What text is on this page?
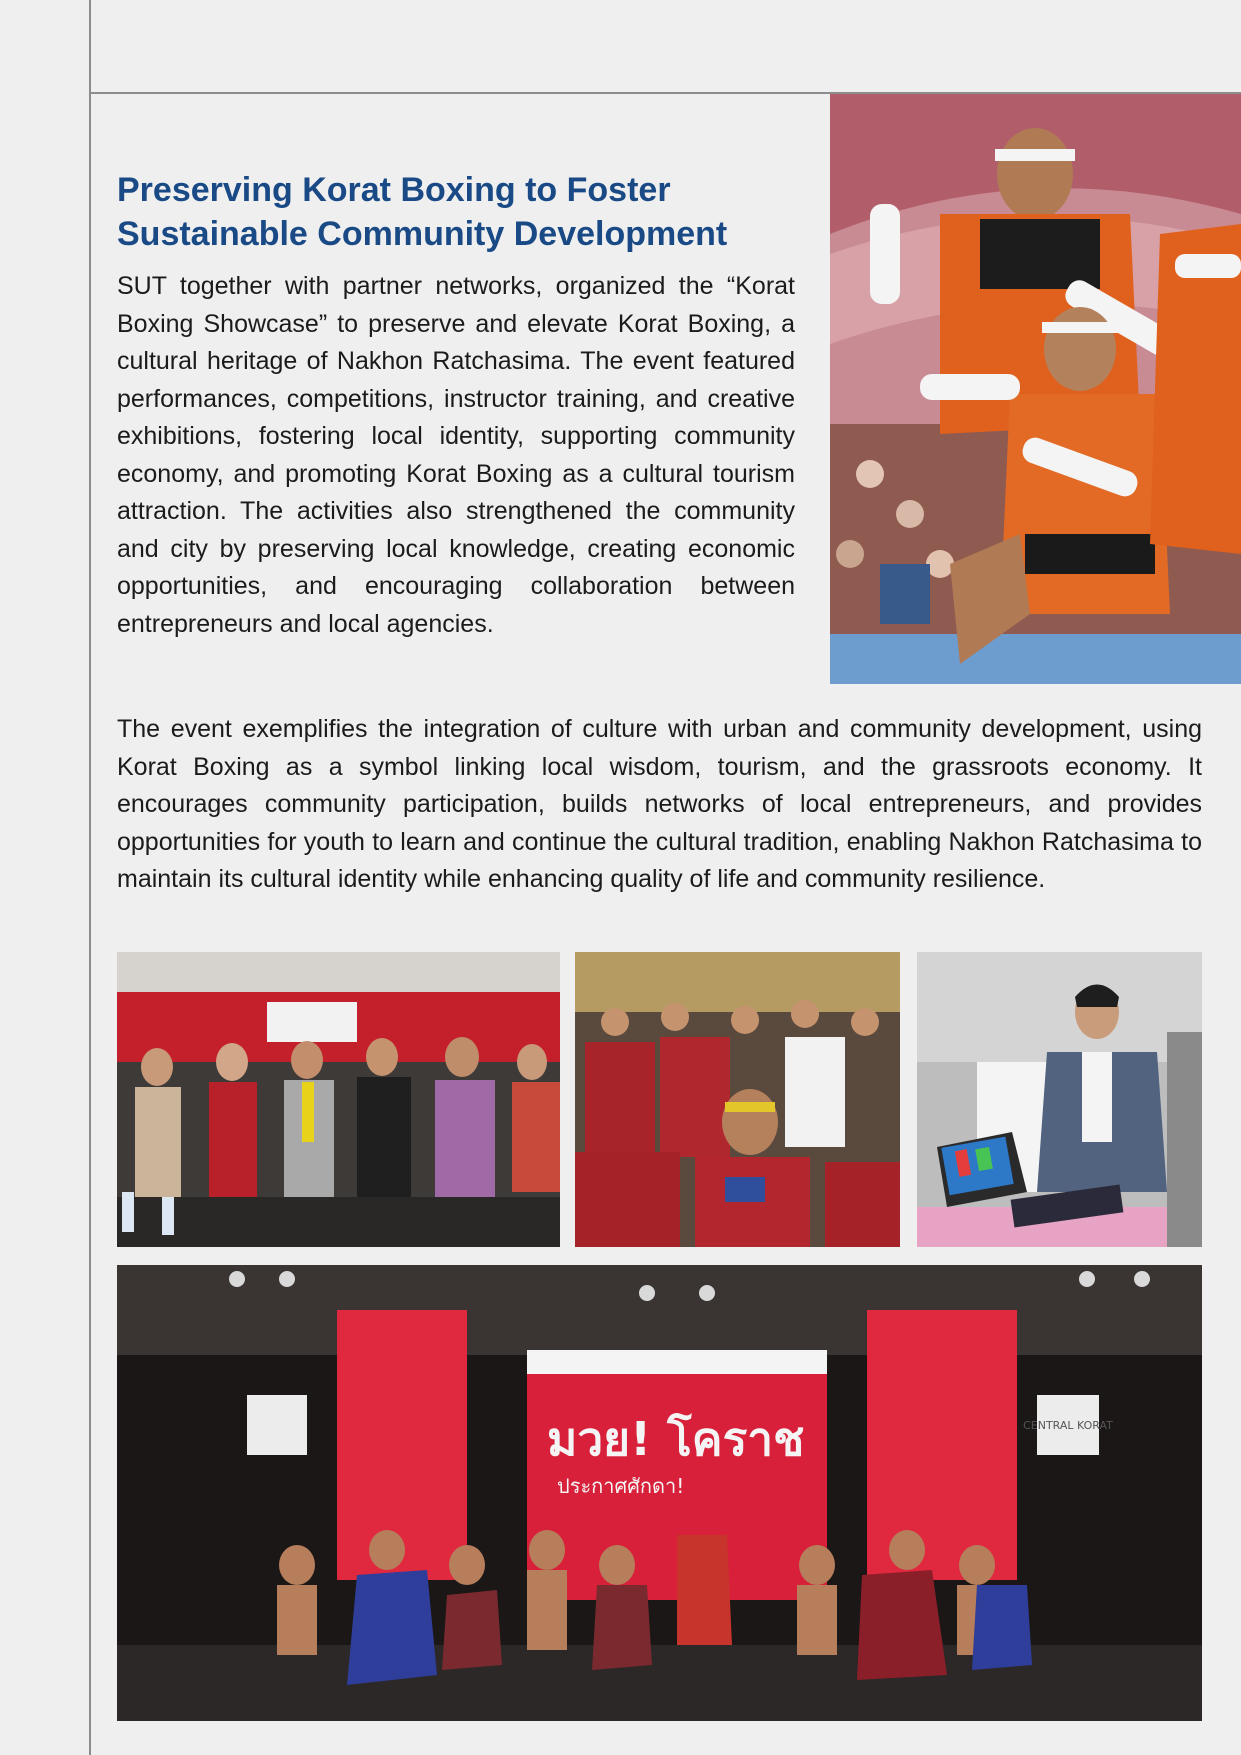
Preserving Korat Boxing to Foster
Sustainable Community Development

SUT together with partner networks, organized the “Korat Boxing Showcase” to preserve and elevate Korat Boxing, a cultural heritage of Nakhon Ratchasima. The event featured performances, competitions, instructor training, and creative exhibitions, fostering local identity, supporting community economy, and promoting Korat Boxing as a cultural tourism attraction. The activities also strengthened the community and city by preserving local knowledge, creating economic opportunities, and encouraging collaboration between entrepreneurs and local agencies.

The event exemplifies the integration of culture with urban and community development, using Korat Boxing as a symbol linking local wisdom, tourism, and the grassroots economy. It encourages community participation, builds networks of local entrepreneurs, and provides opportunities for youth to learn and continue the cultural tradition, enabling Nakhon Ratchasima to maintain its cultural identity while enhancing quality of life and community resilience.

มวย! โคราช
ประกาศศักดา!
CENTRAL KORAT
